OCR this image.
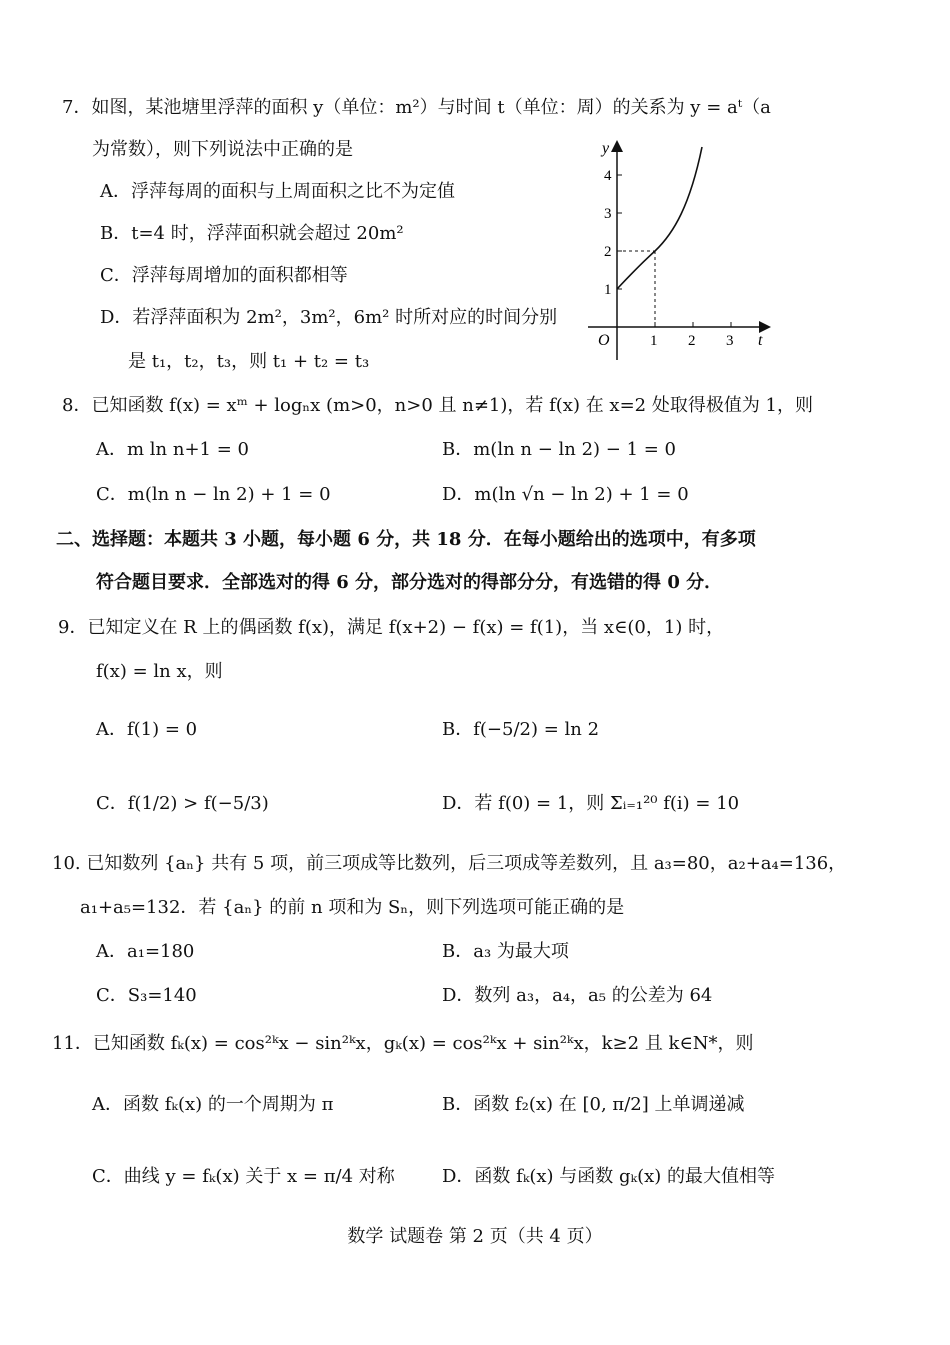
7．如图，某池塘里浮萍的面积 y（单位：m²）与时间 t（单位：周）的关系为 y = aᵗ（a
为常数），则下列说法中正确的是
A．浮萍每周的面积与上周面积之比不为定值
B．t=4 时，浮萍面积就会超过 20m²
C．浮萍每周增加的面积都相等
D．若浮萍面积为 2m²，3m²，6m² 时所对应的时间分别
是 t₁，t₂，t₃，则 t₁ + t₂ = t₃
y
t
O
1
2
3
4
1 2 3
8．已知函数 f(x) = xᵐ + logₙx (m>0，n>0 且 n≠1)，若 f(x) 在 x=2 处取得极值为 1，则
A．m ln n+1 = 0	B．m(ln n − ln 2) − 1 = 0
C．m(ln n − ln 2) + 1 = 0	D．m(ln √n − ln 2) + 1 = 0
二、选择题：本题共 3 小题，每小题 6 分，共 18 分．在每小题给出的选项中，有多项
符合题目要求．全部选对的得 6 分，部分选对的得部分分，有选错的得 0 分．
9．已知定义在 R 上的偶函数 f(x)，满足 f(x+2) − f(x) = f(1)，当 x∈(0，1) 时，
f(x) = ln x，则
A．f(1) = 0	B．f(−5/2) = ln 2
C．f(1/2) > f(−5/3)	D．若 f(0) = 1，则 Σᵢ₌₁²⁰ f(i) = 10
10. 已知数列 {aₙ} 共有 5 项，前三项成等比数列，后三项成等差数列，且 a₃=80，a₂+a₄=136，
a₁+a₅=132．若 {aₙ} 的前 n 项和为 Sₙ，则下列选项可能正确的是
A．a₁=180	B．a₃ 为最大项
C．S₃=140	D．数列 a₃，a₄，a₅ 的公差为 64
11．已知函数 fₖ(x) = cos²ᵏx − sin²ᵏx，gₖ(x) = cos²ᵏx + sin²ᵏx，k≥2 且 k∈N*，则
A．函数 fₖ(x) 的一个周期为 π	B．函数 f₂(x) 在 [0, π/2] 上单调递减
C．曲线 y = fₖ(x) 关于 x = π/4 对称	D．函数 fₖ(x) 与函数 gₖ(x) 的最大值相等
数学 试题卷 第 2 页（共 4 页）
